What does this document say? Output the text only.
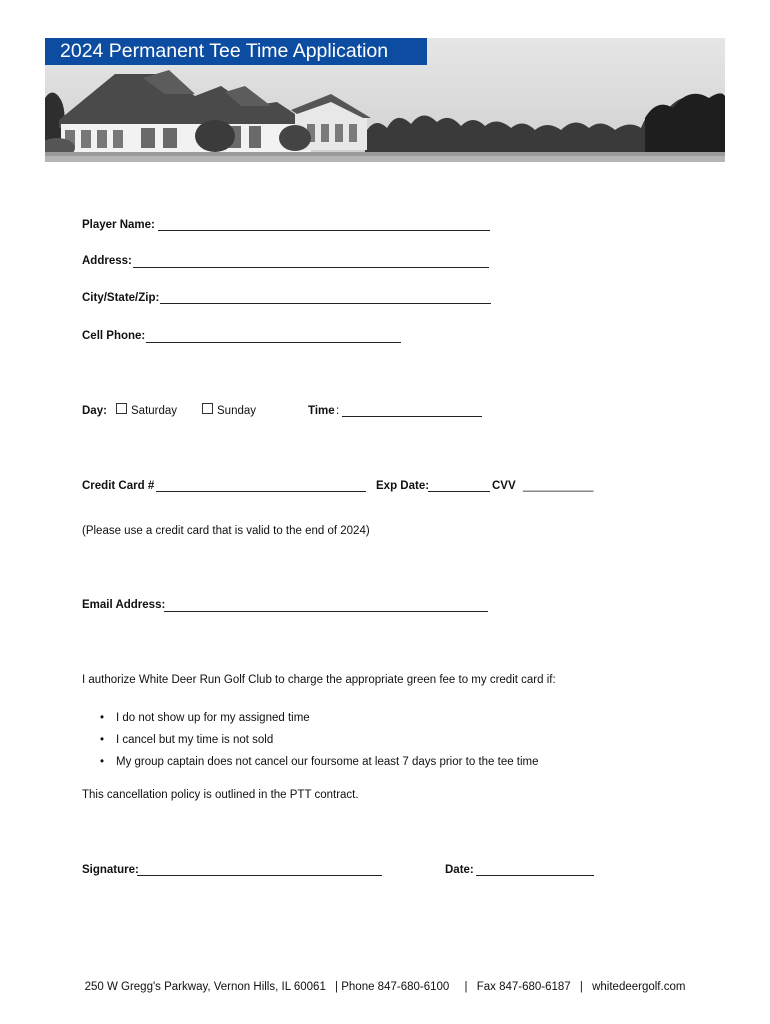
2024 Permanent Tee Time Application
Player Name:
Address:
City/State/Zip:
Cell Phone:
Day: Saturday	Sunday	Time :
Credit Card #	Exp Date:	CVV ___________
(Please use a credit card that is valid to the end of 2024)
Email Address:
I authorize White Deer Run Golf Club to charge the appropriate green fee to my credit card if:
• I do not show up for my assigned time
• I cancel but my time is not sold
• My group captain does not cancel our foursome at least 7 days prior to the tee time
This cancellation policy is outlined in the PTT contract.
Signature:	Date:
250 W Gregg's Parkway, Vernon Hills, IL 60061 | Phone 847-680-6100 | Fax 847-680-6187 | whitedeergolf.com
